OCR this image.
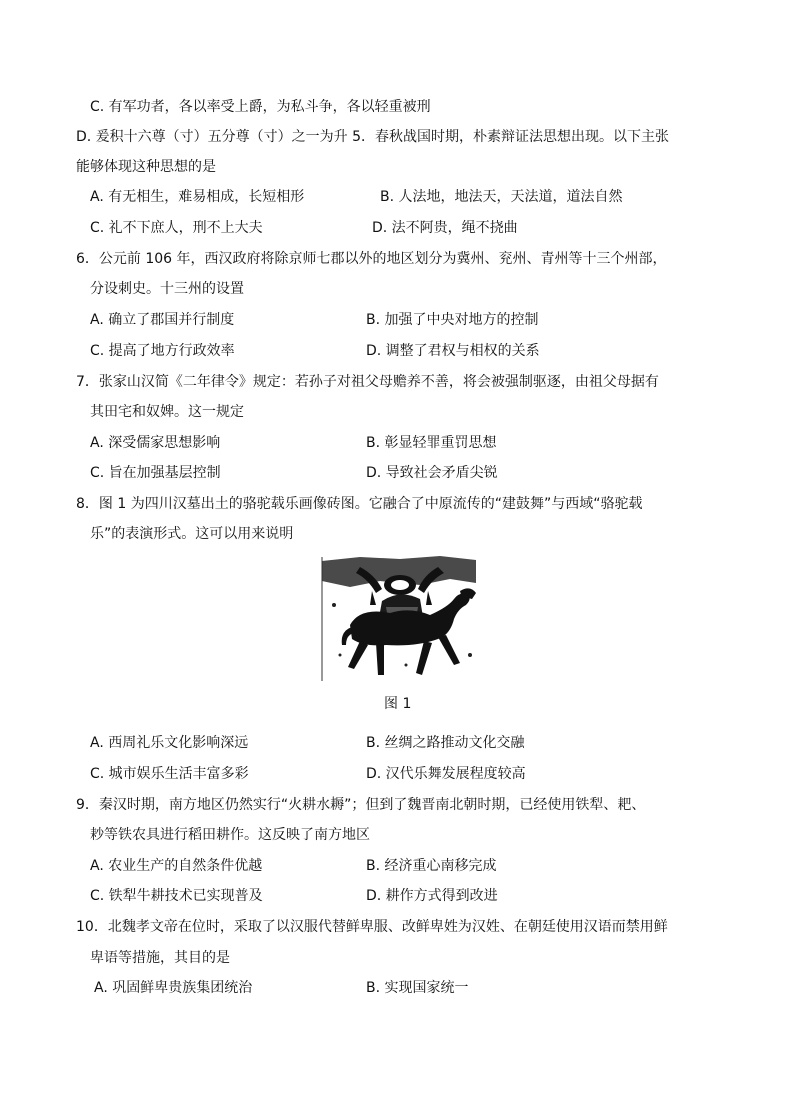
C. 有军功者，各以率受上爵，为私斗争，各以轻重被刑
D. 爰积十六尊（寸）五分尊（寸）之一为升 5．春秋战国时期，朴素辩证法思想出现。以下主张
能够体现这种思想的是
A. 有无相生，难易相成，长短相形	B. 人法地，地法天，天法道，道法自然
C. 礼不下庶人，刑不上大夫	D. 法不阿贵，绳不挠曲
6．公元前 106 年，西汉政府将除京师七郡以外的地区划分为冀州、兖州、青州等十三个州部，
分设刺史。十三州的设置
A. 确立了郡国并行制度	B. 加强了中央对地方的控制
C. 提高了地方行政效率	D. 调整了君权与相权的关系
7．张家山汉简《二年律令》规定：若孙子对祖父母赡养不善，将会被强制驱逐，由祖父母据有
其田宅和奴婢。这一规定
A. 深受儒家思想影响	B. 彰显轻罪重罚思想
C. 旨在加强基层控制	D. 导致社会矛盾尖锐
8．图 1 为四川汉墓出土的骆驼载乐画像砖图。它融合了中原流传的“建鼓舞”与西域“骆驼载
乐”的表演形式。这可以用来说明
图 1
A. 西周礼乐文化影响深远	B. 丝绸之路推动文化交融
C. 城市娱乐生活丰富多彩	D. 汉代乐舞发展程度较高
9．秦汉时期，南方地区仍然实行“火耕水耨”；但到了魏晋南北朝时期，已经使用铁犁、耙、
耖等铁农具进行稻田耕作。这反映了南方地区
A. 农业生产的自然条件优越	B. 经济重心南移完成
C. 铁犁牛耕技术已实现普及	D. 耕作方式得到改进
10．北魏孝文帝在位时，采取了以汉服代替鲜卑服、改鲜卑姓为汉姓、在朝廷使用汉语而禁用鲜
卑语等措施，其目的是
A. 巩固鲜卑贵族集团统治	B. 实现国家统一
